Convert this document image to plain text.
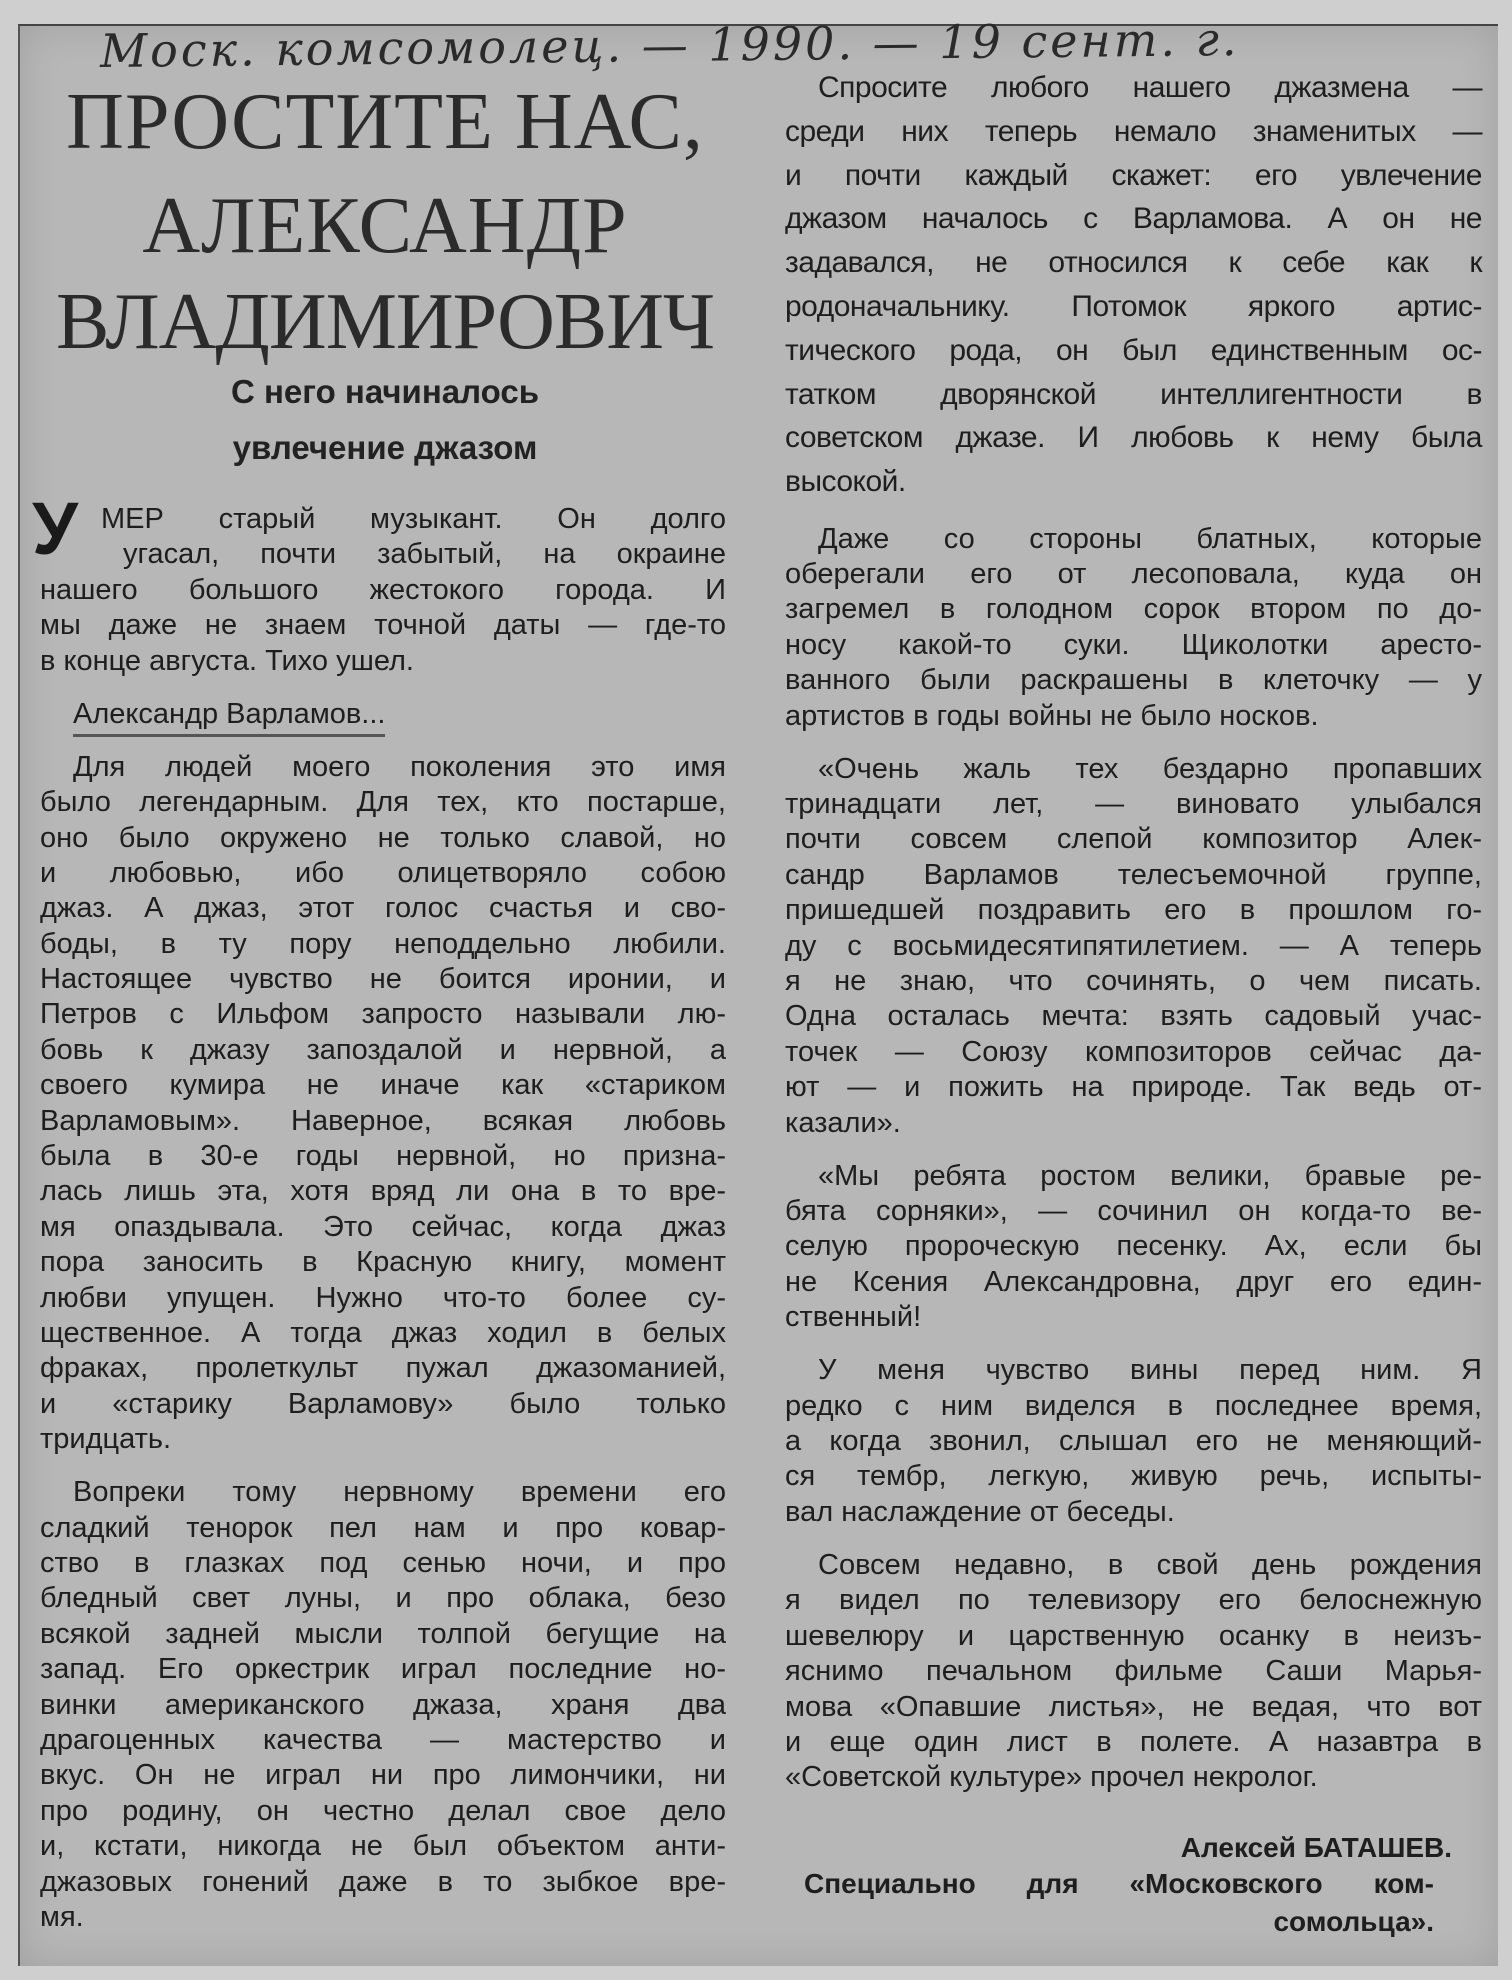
Моск. комсомолец. — 1990. — 19 сент. г.
ПРОСТИТЕ НАС,
АЛЕКСАНДР
ВЛАДИМИРОВИЧ
С него начиналось
увлечение джазом
У МЕР старый музыкант. Он долго
угасал, почти забытый, на окраине
нашего большого жестокого города. И
мы даже не знаем точной даты — где-то
в конце августа. Тихо ушел.
Александр Варламов...
Для людей моего поколения это имя
было легендарным. Для тех, кто постарше,
оно было окружено не только славой, но
и любовью, ибо олицетворяло собою
джаз. А джаз, этот голос счастья и сво-
боды, в ту пору неподдельно любили.
Настоящее чувство не боится иронии, и
Петров с Ильфом запросто называли лю-
бовь к джазу запоздалой и нервной, а
своего кумира не иначе как «стариком
Варламовым». Наверное, всякая любовь
была в 30-е годы нервной, но призна-
лась лишь эта, хотя вряд ли она в то вре-
мя опаздывала. Это сейчас, когда джаз
пора заносить в Красную книгу, момент
любви упущен. Нужно что-то более су-
щественное. А тогда джаз ходил в белых
фраках, пролеткульт пужал джазоманией,
и «старику Варламову» было только
тридцать.
Вопреки тому нервному времени его
сладкий тенорок пел нам и про ковар-
ство в глазках под сенью ночи, и про
бледный свет луны, и про облака, безо
всякой задней мысли толпой бегущие на
запад. Его оркестрик играл последние но-
винки американского джаза, храня два
драгоценных качества — мастерство и
вкус. Он не играл ни про лимончики, ни
про родину, он честно делал свое дело
и, кстати, никогда не был объектом анти-
джазовых гонений даже в то зыбкое вре-
мя.
Спросите любого нашего джазмена —
среди них теперь немало знаменитых —
и почти каждый скажет: его увлечение
джазом началось с Варламова. А он не
задавался, не относился к себе как к
родоначальнику. Потомок яркого артис-
тического рода, он был единственным ос-
татком дворянской интеллигентности в
советском джазе. И любовь к нему была
высокой.
Даже со стороны блатных, которые
оберегали его от лесоповала, куда он
загремел в голодном сорок втором по до-
носу какой-то суки. Щиколотки аресто-
ванного были раскрашены в клеточку — у
артистов в годы войны не было носков.
«Очень жаль тех бездарно пропавших
тринадцати лет, — виновато улыбался
почти совсем слепой композитор Алек-
сандр Варламов телесъемочной группе,
пришедшей поздравить его в прошлом го-
ду с восьмидесятипятилетием. — А теперь
я не знаю, что сочинять, о чем писать.
Одна осталась мечта: взять садовый учас-
точек — Союзу композиторов сейчас да-
ют — и пожить на природе. Так ведь от-
казали».
«Мы ребята ростом велики, бравые ре-
бята сорняки», — сочинил он когда-то ве-
селую пророческую песенку. Ах, если бы
не Ксения Александровна, друг его един-
ственный!
У меня чувство вины перед ним. Я
редко с ним виделся в последнее время,
а когда звонил, слышал его не меняющий-
ся тембр, легкую, живую речь, испыты-
вал наслаждение от беседы.
Совсем недавно, в свой день рождения
я видел по телевизору его белоснежную
шевелюру и царственную осанку в неизъ-
яснимо печальном фильме Саши Марья-
мова «Опавшие листья», не ведая, что вот
и еще один лист в полете. А назавтра в
«Советской культуре» прочел некролог.
Алексей БАТАШЕВ.
Специально для «Московского ком-
сомольца».
